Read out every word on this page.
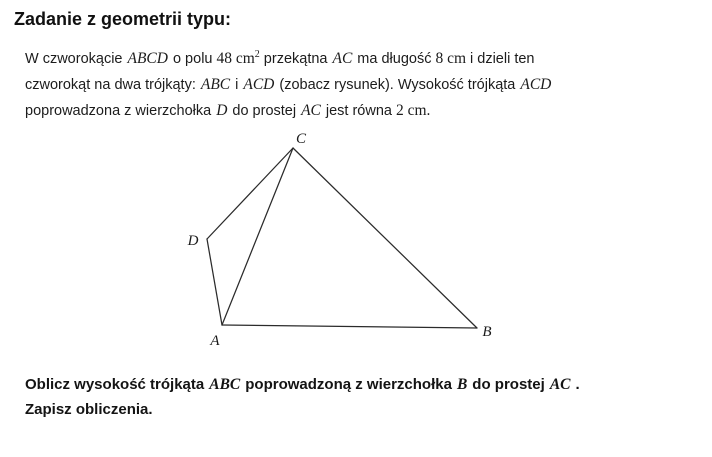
Zadanie z geometrii typu:
W czworokącie ABCD o polu 48 $cm^2$ przekątna AC ma długość 8 cm i dzieli ten
czworokąt na dwa trójkąty: ABC i ACD (zobacz rysunek). Wysokość trójkąta ACD
poprowadzona z wierzchołka D do prostej AC jest równa 2 cm.
C
D
A
B
Oblicz wysokość trójkąta ABC poprowadzoną z wierzchołka B do prostej AC .
Zapisz obliczenia.
